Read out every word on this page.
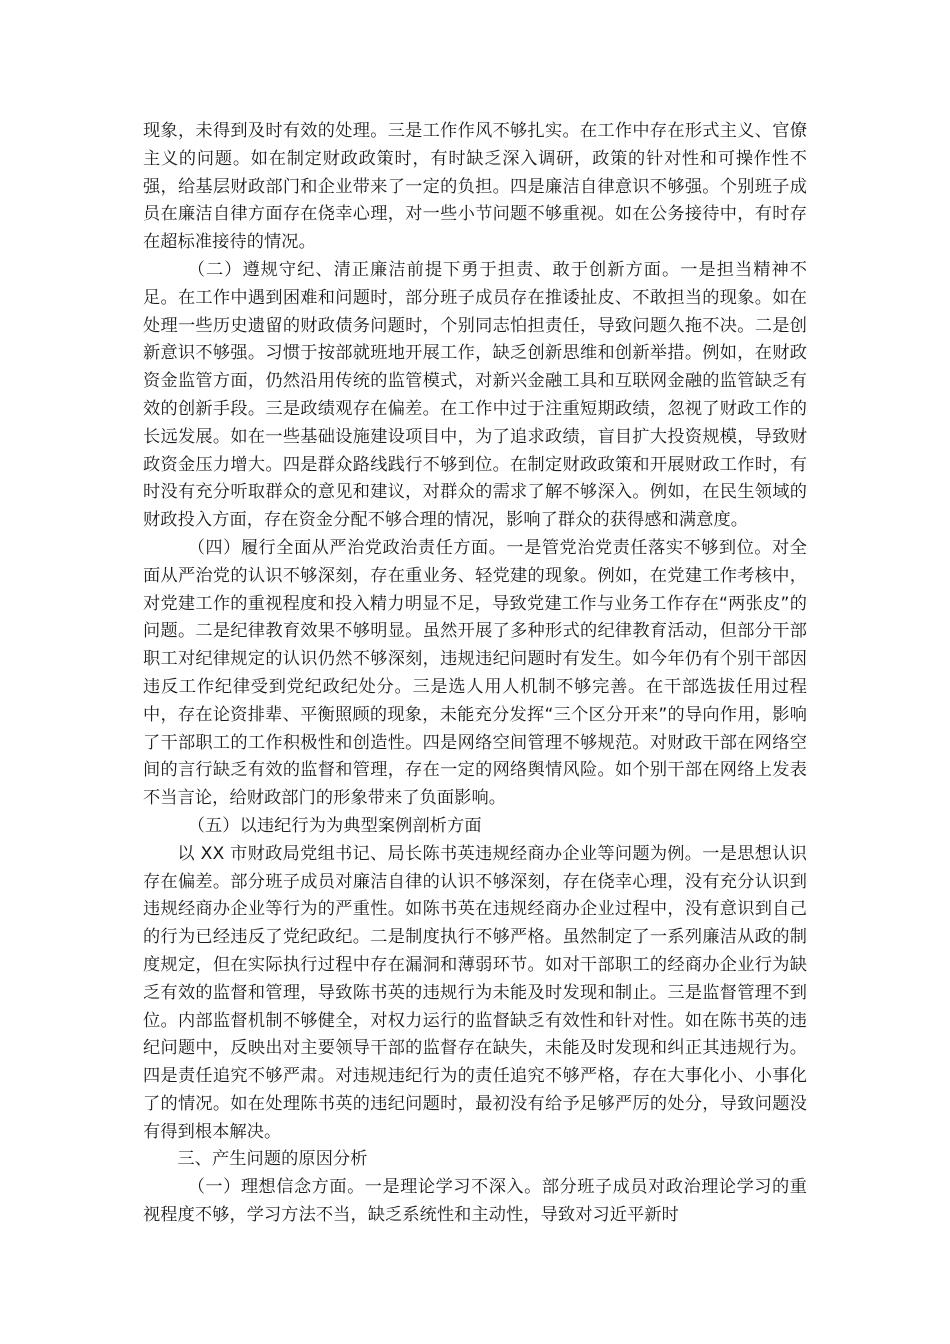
现象，未得到及时有效的处理。三是工作作风不够扎实。在工作中存在形式主义、官僚主义的问题。如在制定财政政策时，有时缺乏深入调研，政策的针对性和可操作性不强，给基层财政部门和企业带来了一定的负担。四是廉洁自律意识不够强。个别班子成员在廉洁自律方面存在侥幸心理，对一些小节问题不够重视。如在公务接待中，有时存在超标准接待的情况。

（二）遵规守纪、清正廉洁前提下勇于担责、敢于创新方面。一是担当精神不足。在工作中遇到困难和问题时，部分班子成员存在推诿扯皮、不敢担当的现象。如在处理一些历史遗留的财政债务问题时，个别同志怕担责任，导致问题久拖不决。二是创新意识不够强。习惯于按部就班地开展工作，缺乏创新思维和创新举措。例如，在财政资金监管方面，仍然沿用传统的监管模式，对新兴金融工具和互联网金融的监管缺乏有效的创新手段。三是政绩观存在偏差。在工作中过于注重短期政绩，忽视了财政工作的长远发展。如在一些基础设施建设项目中，为了追求政绩，盲目扩大投资规模，导致财政资金压力增大。四是群众路线践行不够到位。在制定财政政策和开展财政工作时，有时没有充分听取群众的意见和建议，对群众的需求了解不够深入。例如，在民生领域的财政投入方面，存在资金分配不够合理的情况，影响了群众的获得感和满意度。

（四）履行全面从严治党政治责任方面。一是管党治党责任落实不够到位。对全面从严治党的认识不够深刻，存在重业务、轻党建的现象。例如，在党建工作考核中，对党建工作的重视程度和投入精力明显不足，导致党建工作与业务工作存在“两张皮”的问题。二是纪律教育效果不够明显。虽然开展了多种形式的纪律教育活动，但部分干部职工对纪律规定的认识仍然不够深刻，违规违纪问题时有发生。如今年仍有个别干部因违反工作纪律受到党纪政纪处分。三是选人用人机制不够完善。在干部选拔任用过程中，存在论资排辈、平衡照顾的现象，未能充分发挥“三个区分开来”的导向作用，影响了干部职工的工作积极性和创造性。四是网络空间管理不够规范。对财政干部在网络空间的言行缺乏有效的监督和管理，存在一定的网络舆情风险。如个别干部在网络上发表不当言论，给财政部门的形象带来了负面影响。

（五）以违纪行为为典型案例剖析方面

以 XX 市财政局党组书记、局长陈书英违规经商办企业等问题为例。一是思想认识存在偏差。部分班子成员对廉洁自律的认识不够深刻，存在侥幸心理，没有充分认识到违规经商办企业等行为的严重性。如陈书英在违规经商办企业过程中，没有意识到自己的行为已经违反了党纪政纪。二是制度执行不够严格。虽然制定了一系列廉洁从政的制度规定，但在实际执行过程中存在漏洞和薄弱环节。如对干部职工的经商办企业行为缺乏有效的监督和管理，导致陈书英的违规行为未能及时发现和制止。三是监督管理不到位。内部监督机制不够健全，对权力运行的监督缺乏有效性和针对性。如在陈书英的违纪问题中，反映出对主要领导干部的监督存在缺失，未能及时发现和纠正其违规行为。四是责任追究不够严肃。对违规违纪行为的责任追究不够严格，存在大事化小、小事化了的情况。如在处理陈书英的违纪问题时，最初没有给予足够严厉的处分，导致问题没有得到根本解决。

三、产生问题的原因分析

（一）理想信念方面。一是理论学习不深入。部分班子成员对政治理论学习的重视程度不够，学习方法不当，缺乏系统性和主动性，导致对习近平新时
